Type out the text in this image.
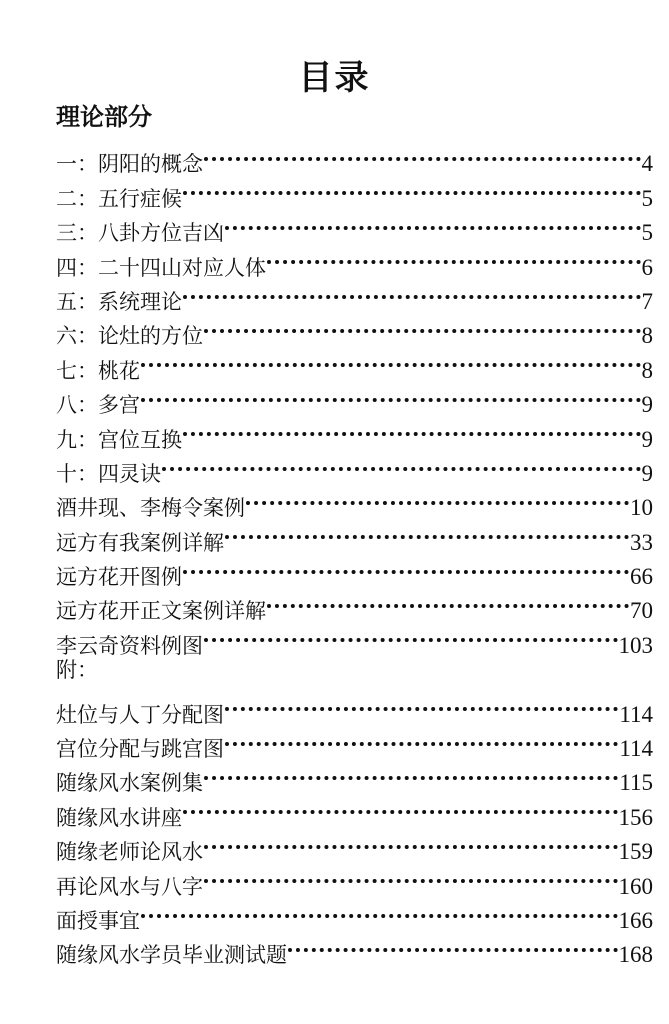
目录
理论部分
一：阴阳的概念	4
二：五行症候	5
三：八卦方位吉凶	5
四：二十四山对应人体	6
五：系统理论	7
六：论灶的方位	8
七：桃花	8
八：多宫	9
九：宫位互换	9
十：四灵诀	9
酒井现、李梅令案例	10
远方有我案例详解	33
远方花开图例	66
远方花开正文案例详解	70
李云奇资料例图	103
附：
灶位与人丁分配图	114
宫位分配与跳宫图	114
随缘风水案例集	115
随缘风水讲座	156
随缘老师论风水	159
再论风水与八字	160
面授事宜	166
随缘风水学员毕业测试题	168
